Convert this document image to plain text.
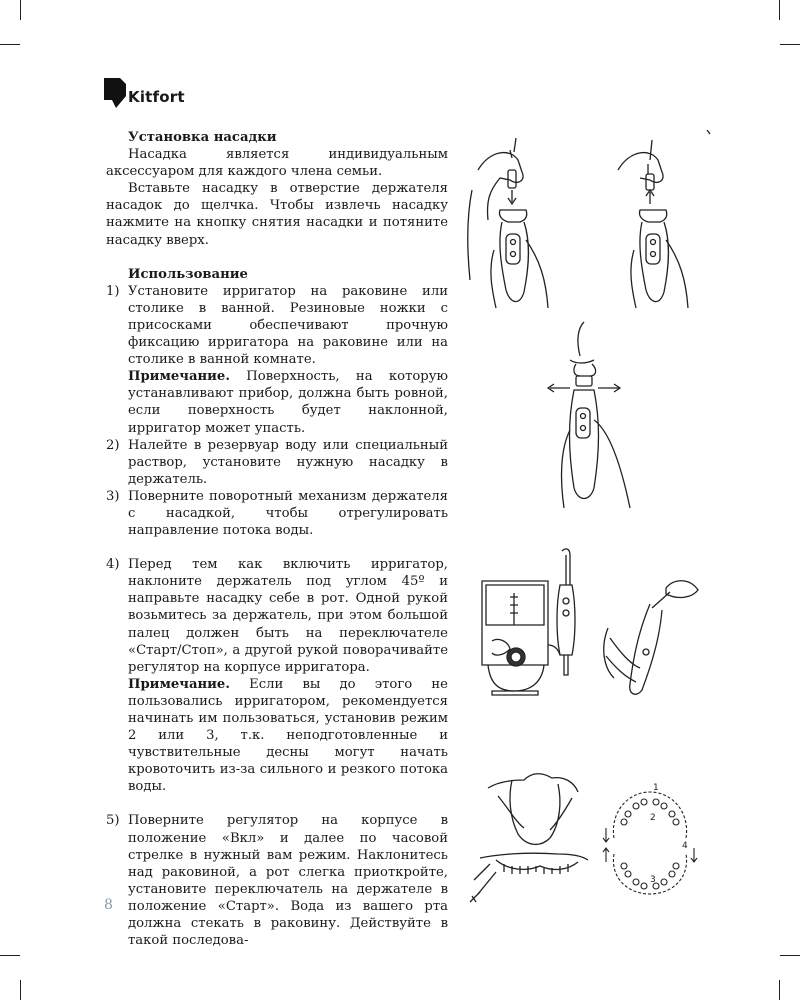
Kitfort

Установка насадки

Насадка является индивидуальным аксессуаром для каждого члена семьи.

Вставьте насадку в отверстие держателя насадок до щелчка. Чтобы извлечь насадку нажмите на кнопку снятия насадки и потяните насадку вверх.

Использование

1) Установите ирригатор на раковине или столике в ванной. Резиновые ножки с присосками обеспечивают прочную фиксацию ирригатора на раковине или на столике в ванной комнате.

Примечание. Поверхность, на которую устанавливают прибор, должна быть ровной, если поверхность будет наклонной, ирригатор может упасть.

2) Налейте в резервуар воду или специальный раствор, установите нужную насадку в держатель.

3) Поверните поворотный механизм держателя с насадкой, чтобы отрегулировать направление потока воды.

4) Перед тем как включить ирригатор, наклоните держатель под углом 45º и направьте насадку себе в рот. Одной рукой возьмитесь за держатель, при этом большой палец должен быть на переключателе «Старт/Стоп», а другой рукой поворачивайте регулятор на корпусе ирригатора.

Примечание. Если вы до этого не пользовались ирригатором, рекомендуется начинать им пользоваться, установив режим 2 или 3, т.к. неподготовленные и чувствительные десны могут начать кровоточить из-за сильного и резкого потока воды.

5) Поверните регулятор на корпусе в положение «Вкл» и далее по часовой стрелке в нужный вам режим. Наклонитесь над раковиной, а рот слегка приоткройте, установите переключатель на держателе в положение «Старт». Вода из вашего рта должна стекать в раковину. Действуйте в такой последова-

1
2
3
4
8
